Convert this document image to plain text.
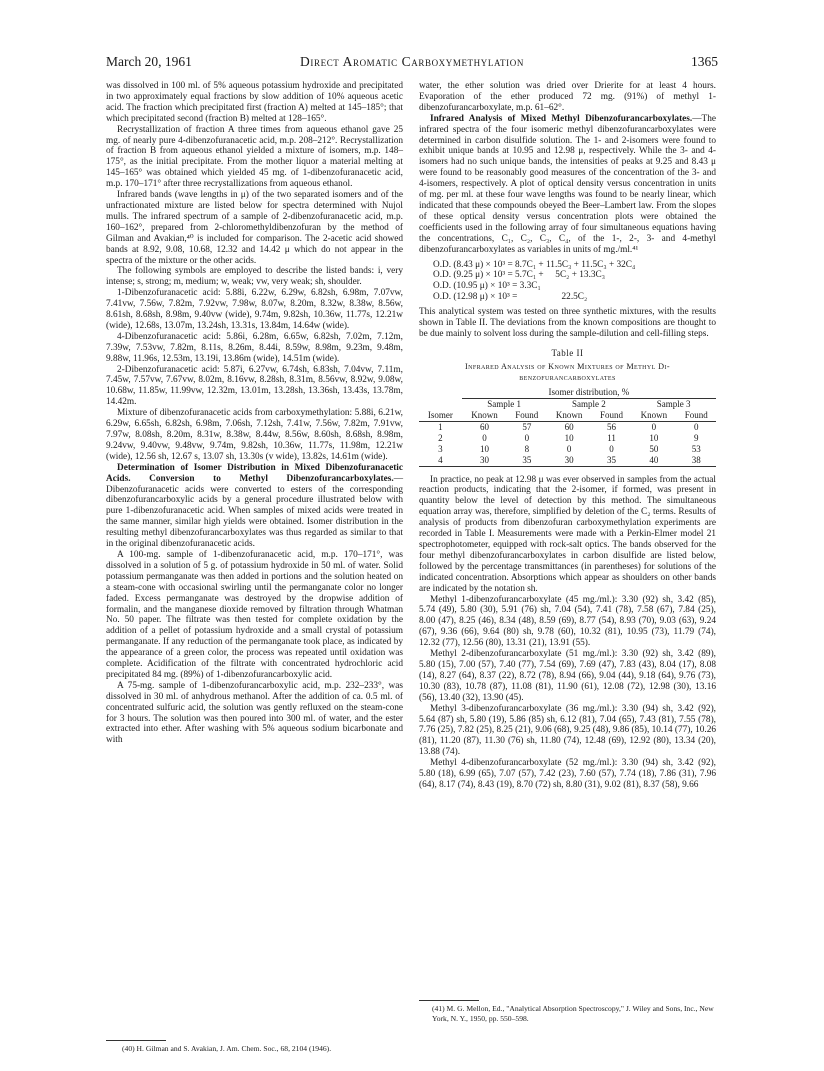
March 20, 1961	Direct Aromatic Carboxymethylation	1365

was dissolved in 100 ml. of 5% aqueous potassium hydroxide and precipitated in two approximately equal fractions by slow addition of 10% aqueous acetic acid. The fraction which precipitated first (fraction A) melted at 145–185°; that which precipitated second (fraction B) melted at 128–165°.

Recrystallization of fraction A three times from aqueous ethanol gave 25 mg. of nearly pure 4-dibenzofuranacetic acid, m.p. 208–212°. Recrystallization of fraction B from aqueous ethanol yielded a mixture of isomers, m.p. 148–175°, as the initial precipitate. From the mother liquor a material melting at 145–165° was obtained which yielded 45 mg. of 1-dibenzofuranacetic acid, m.p. 170–171° after three recrystallizations from aqueous ethanol.

Infrared bands (wave lengths in μ) of the two separated isomers and of the unfractionated mixture are listed below for spectra determined with Nujol mulls. The infrared spectrum of a sample of 2-dibenzofuranacetic acid, m.p. 160–162°, prepared from 2-chloromethyldibenzofuran by the method of Gilman and Avakian,⁴⁰ is included for comparison. The 2-acetic acid showed bands at 8.92, 9.08, 10.68, 12.32 and 14.42 μ which do not appear in the spectra of the mixture or the other acids.

The following symbols are employed to describe the listed bands: i, very intense; s, strong; m, medium; w, weak; vw, very weak; sh, shoulder.

1-Dibenzofuranacetic acid: 5.88i, 6.22w, 6.29w, 6.82sh, 6.98m, 7.07vw, 7.41vw, 7.56w, 7.82m, 7.92vw, 7.98w, 8.07w, 8.20m, 8.32w, 8.38w, 8.56w, 8.61sh, 8.68sh, 8.98m, 9.40vw (wide), 9.74m, 9.82sh, 10.36w, 11.77s, 12.21w (wide), 12.68s, 13.07m, 13.24sh, 13.31s, 13.84m, 14.64w (wide).

4-Dibenzofuranacetic acid: 5.86i, 6.28m, 6.65w, 6.82sh, 7.02m, 7.12m, 7.39w, 7.53vw, 7.82m, 8.11s, 8.26m, 8.44i, 8.59w, 8.98m, 9.23m, 9.48m, 9.88w, 11.96s, 12.53m, 13.19i, 13.86m (wide), 14.51m (wide).

2-Dibenzofuranacetic acid: 5.87i, 6.27vw, 6.74sh, 6.83sh, 7.04vw, 7.11m, 7.45w, 7.57vw, 7.67vw, 8.02m, 8.16vw, 8.28sh, 8.31m, 8.56vw, 8.92w, 9.08w, 10.68w, 11.85w, 11.99vw, 12.32m, 13.01m, 13.28sh, 13.36sh, 13.43s, 13.78m, 14.42m.

Mixture of dibenzofuranacetic acids from carboxymethylation: 5.88i, 6.21w, 6.29w, 6.65sh, 6.82sh, 6.98m, 7.06sh, 7.12sh, 7.41w, 7.56w, 7.82m, 7.91vw, 7.97w, 8.08sh, 8.20m, 8.31w, 8.38w, 8.44w, 8.56w, 8.60sh, 8.68sh, 8.98m, 9.24vw, 9.40vw, 9.48vw, 9.74m, 9.82sh, 10.36w, 11.77s, 11.98m, 12.21w (wide), 12.56 sh, 12.67 s, 13.07 sh, 13.30s (v wide), 13.82s, 14.61m (wide).

Determination of Isomer Distribution in Mixed Dibenzofuranacetic Acids. Conversion to Methyl Dibenzofurancarboxylates.—Dibenzofuranacetic acids were converted to esters of the corresponding dibenzofurancarboxylic acids by a general procedure illustrated below with pure 1-dibenzofuranacetic acid. When samples of mixed acids were treated in the same manner, similar high yields were obtained. Isomer distribution in the resulting methyl dibenzofurancarboxylates was thus regarded as similar to that in the original dibenzofuranacetic acids.

A 100-mg. sample of 1-dibenzofuranacetic acid, m.p. 170–171°, was dissolved in a solution of 5 g. of potassium hydroxide in 50 ml. of water. Solid potassium permanganate was then added in portions and the solution heated on a steam-cone with occasional swirling until the permanganate color no longer faded. Excess permanganate was destroyed by the dropwise addition of formalin, and the manganese dioxide removed by filtration through Whatman No. 50 paper. The filtrate was then tested for complete oxidation by the addition of a pellet of potassium hydroxide and a small crystal of potassium permanganate. If any reduction of the permanganate took place, as indicated by the appearance of a green color, the process was repeated until oxidation was complete. Acidification of the filtrate with concentrated hydrochloric acid precipitated 84 mg. (89%) of 1-dibenzofurancarboxylic acid.

A 75-mg. sample of 1-dibenzofurancarboxylic acid, m.p. 232–233°, was dissolved in 30 ml. of anhydrous methanol. After the addition of ca. 0.5 ml. of concentrated sulfuric acid, the solution was gently refluxed on the steam-cone for 3 hours. The solution was then poured into 300 ml. of water, and the ester extracted into ether. After washing with 5% aqueous sodium bicarbonate and with

water, the ether solution was dried over Drierite for at least 4 hours. Evaporation of the ether produced 72 mg. (91%) of methyl 1-dibenzofurancarboxylate, m.p. 61–62°.

Infrared Analysis of Mixed Methyl Dibenzofurancarboxylates.—The infrared spectra of the four isomeric methyl dibenzofurancarboxylates were determined in carbon disulfide solution. The 1- and 2-isomers were found to exhibit unique bands at 10.95 and 12.98 μ, respectively. While the 3- and 4-isomers had no such unique bands, the intensities of peaks at 9.25 and 8.43 μ were found to be reasonably good measures of the concentration of the 3- and 4-isomers, respectively. A plot of optical density versus concentration in units of mg. per ml. at these four wave lengths was found to be nearly linear, which indicated that these compounds obeyed the Beer–Lambert law. From the slopes of these optical density versus concentration plots were obtained the coefficients used in the following array of four simultaneous equations having the concentrations, C₁, C₂, C₃, C₄, of the 1-, 2-, 3- and 4-methyl dibenzofurancarboxylates as variables in units of mg./ml.⁴¹

O.D. (8.43 μ) × 10³ = 8.7C₁ + 11.5C₃ + 11.5C₃ + 32C₄
O.D. (9.25 μ) × 10³ = 5.7C₁ +     5C₂ + 13.3C₃
O.D. (10.95 μ) × 10³ = 3.3C₁
O.D. (12.98 μ) × 10³ =                   22.5C₂

This analytical system was tested on three synthetic mixtures, with the results shown in Table II. The deviations from the known compositions are thought to be due mainly to solvent loss during the sample-dilution and cell-filling steps.

Table II
Infrared Analysis of Known Mixtures of Methyl Di-
benzofurancarboxylates
	Isomer distribution, %					
	Sample 1		Sample 2		Sample 3	
Isomer	Known	Found	Known	Found	Known	Found
1	60	57	60	56	0	0
2	0	0	10	11	10	9
3	10	8	0	0	50	53
4	30	35	30	35	40	38

In practice, no peak at 12.98 μ was ever observed in samples from the actual reaction products, indicating that the 2-isomer, if formed, was present in quantity below the level of detection by this method. The simultaneous equation array was, therefore, simplified by deletion of the C₂ terms. Results of analysis of products from dibenzofuran carboxymethylation experiments are recorded in Table I. Measurements were made with a Perkin-Elmer model 21 spectrophotometer, equipped with rock-salt optics. The bands observed for the four methyl dibenzofurancarboxylates in carbon disulfide are listed below, followed by the percentage transmittances (in parentheses) for solutions of the indicated concentration. Absorptions which appear as shoulders on other bands are indicated by the notation sh.

Methyl 1-dibenzofurancarboxylate (45 mg./ml.): 3.30 (92) sh, 3.42 (85), 5.74 (49), 5.80 (30), 5.91 (76) sh, 7.04 (54), 7.41 (78), 7.58 (67), 7.84 (25), 8.00 (47), 8.25 (46), 8.34 (48), 8.59 (69), 8.77 (54), 8.93 (70), 9.03 (63), 9.24 (67), 9.36 (66), 9.64 (80) sh, 9.78 (60), 10.32 (81), 10.95 (73), 11.79 (74), 12.32 (77), 12.56 (80), 13.31 (21), 13.91 (55).

Methyl 2-dibenzofurancarboxylate (51 mg./ml.): 3.30 (92) sh, 3.42 (89), 5.80 (15), 7.00 (57), 7.40 (77), 7.54 (69), 7.69 (47), 7.83 (43), 8.04 (17), 8.08 (14), 8.27 (64), 8.37 (22), 8.72 (78), 8.94 (66), 9.04 (44), 9.18 (64), 9.76 (73), 10.30 (83), 10.78 (87), 11.08 (81), 11.90 (61), 12.08 (72), 12.98 (30), 13.16 (56), 13.40 (32), 13.90 (45).

Methyl 3-dibenzofurancarboxylate (36 mg./ml.): 3.30 (94) sh, 3.42 (92), 5.64 (87) sh, 5.80 (19), 5.86 (85) sh, 6.12 (81), 7.04 (65), 7.43 (81), 7.55 (78), 7.76 (25), 7.82 (25), 8.25 (21), 9.06 (68), 9.25 (48), 9.86 (85), 10.14 (77), 10.26 (81), 11.20 (87), 11.30 (76) sh, 11.80 (74), 12.48 (69), 12.92 (80), 13.34 (20), 13.88 (74).

Methyl 4-dibenzofurancarboxylate (52 mg./ml.): 3.30 (94) sh, 3.42 (92), 5.80 (18), 6.99 (65), 7.07 (57), 7.42 (23), 7.60 (57), 7.74 (18), 7.86 (31), 7.96 (64), 8.17 (74), 8.43 (19), 8.70 (72) sh, 8.80 (31), 9.02 (81), 8.37 (58), 9.66

(40) H. Gilman and S. Avakian, J. Am. Chem. Soc., 68, 2104 (1946).
(41) M. G. Mellon, Ed., "Analytical Absorption Spectroscopy," J. Wiley and Sons, Inc., New York, N. Y., 1950, pp. 550–598.
